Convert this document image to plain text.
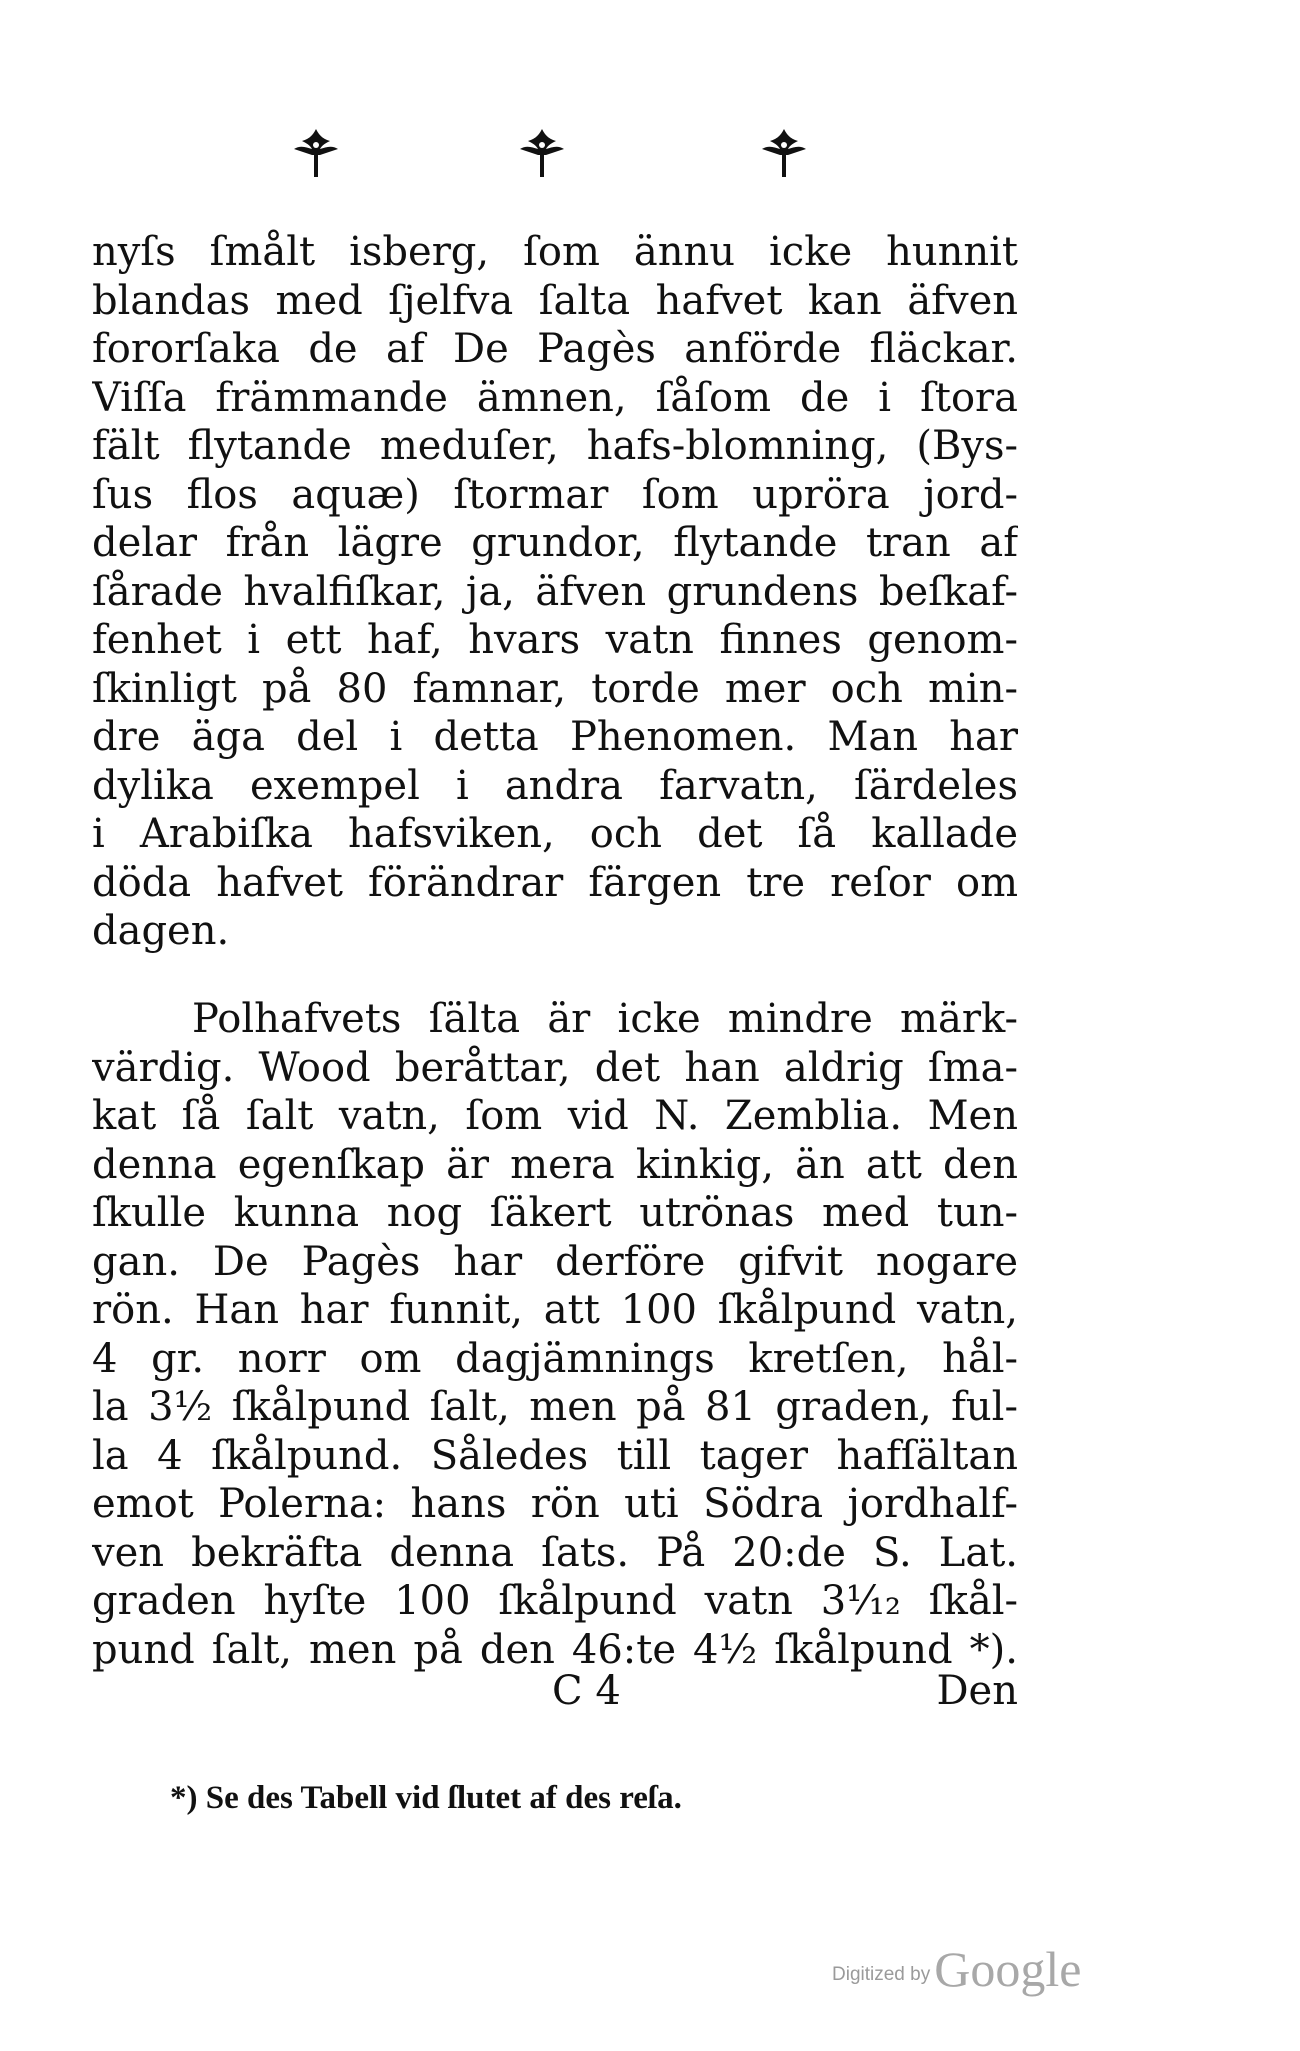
nyſs ſmålt isberg, ſom ännu icke hunnit
blandas med ſjelfva ſalta hafvet kan äfven
fororſaka de af De Pagès anförde fläckar.
Viſſa främmande ämnen, ſåſom de i ſtora
fält flytande meduſer, hafs-blomning, (Bys-
ſus flos aquæ) ſtormar ſom upröra jord-
delar från lägre grundor, flytande tran af
ſårade hvalfiſkar, ja, äfven grundens beſkaf-
fenhet i ett haf, hvars vatn finnes genom-
ſkinligt på 80 famnar, torde mer och min-
dre äga del i detta Phenomen. Man har
dylika exempel i andra farvatn, ſärdeles
i Arabiſka hafsviken, och det ſå kallade
döda hafvet förändrar färgen tre reſor om
dagen.
Polhafvets ſälta är icke mindre märk-
värdig. Wood beråttar, det han aldrig ſma-
kat ſå ſalt vatn, ſom vid N. Zemblia. Men
denna egenſkap är mera kinkig, än att den
ſkulle kunna nog ſäkert utrönas med tun-
gan. De Pagès har derföre gifvit nogare
rön. Han har funnit, att 100 ſkålpund vatn,
4 gr. norr om dagjämnings kretſen, hål-
la 3½ ſkålpund ſalt, men på 81 graden, ful-
la 4 ſkålpund. Således till tager hafſältan
emot Polerna: hans rön uti Södra jordhalf-
ven bekräfta denna ſats. På 20:de S. Lat.
graden hyſte 100 ſkålpund vatn 3¹⁄₁₂ ſkål-
pund ſalt, men på den 46:te 4½ ſkålpund *).
C 4	Den
*) Se des Tabell vid ſlutet af des reſa.
Digitized by Google
